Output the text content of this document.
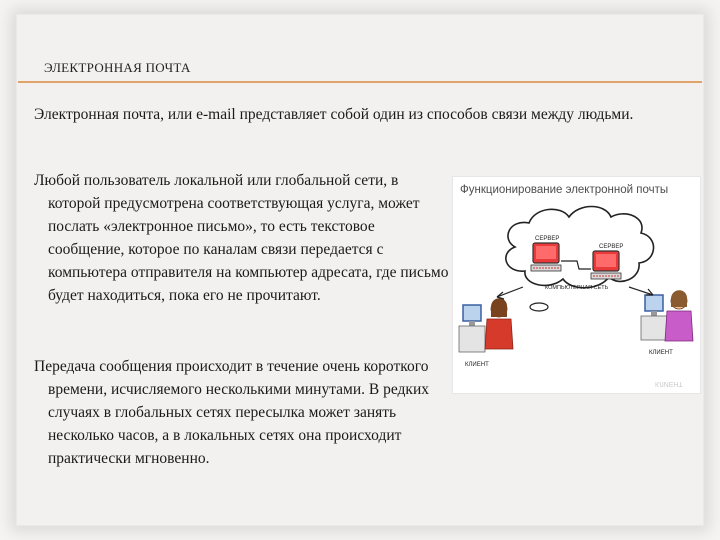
ЭЛЕКТРОННАЯ ПОЧТА
Электронная почта, или e-mail представляет собой один из способов связи между людьми.
Любой пользователь локальной или глобальной сети, в которой предусмотрена соответствующая услуга, может послать «электронное письмо», то есть текстовое сообщение, которое по каналам связи передается с компьютера отправителя на компьютер адресата, где письмо будет находиться, пока его не прочитают.
Передача сообщения происходит в течение очень короткого времени, исчисляемого несколькими минутами. В редких случаях в глобальных сетях пересылка может занять несколько часов, а в локальных сетях она происходит практически мгновенно.
Функционирование электронной почты
СЕРВЕР
СЕРВЕР
КОМПЬЮТЕРНАЯ СЕТЬ
КЛИЕНТ
КЛИЕНТ
КЛИЕНТ
